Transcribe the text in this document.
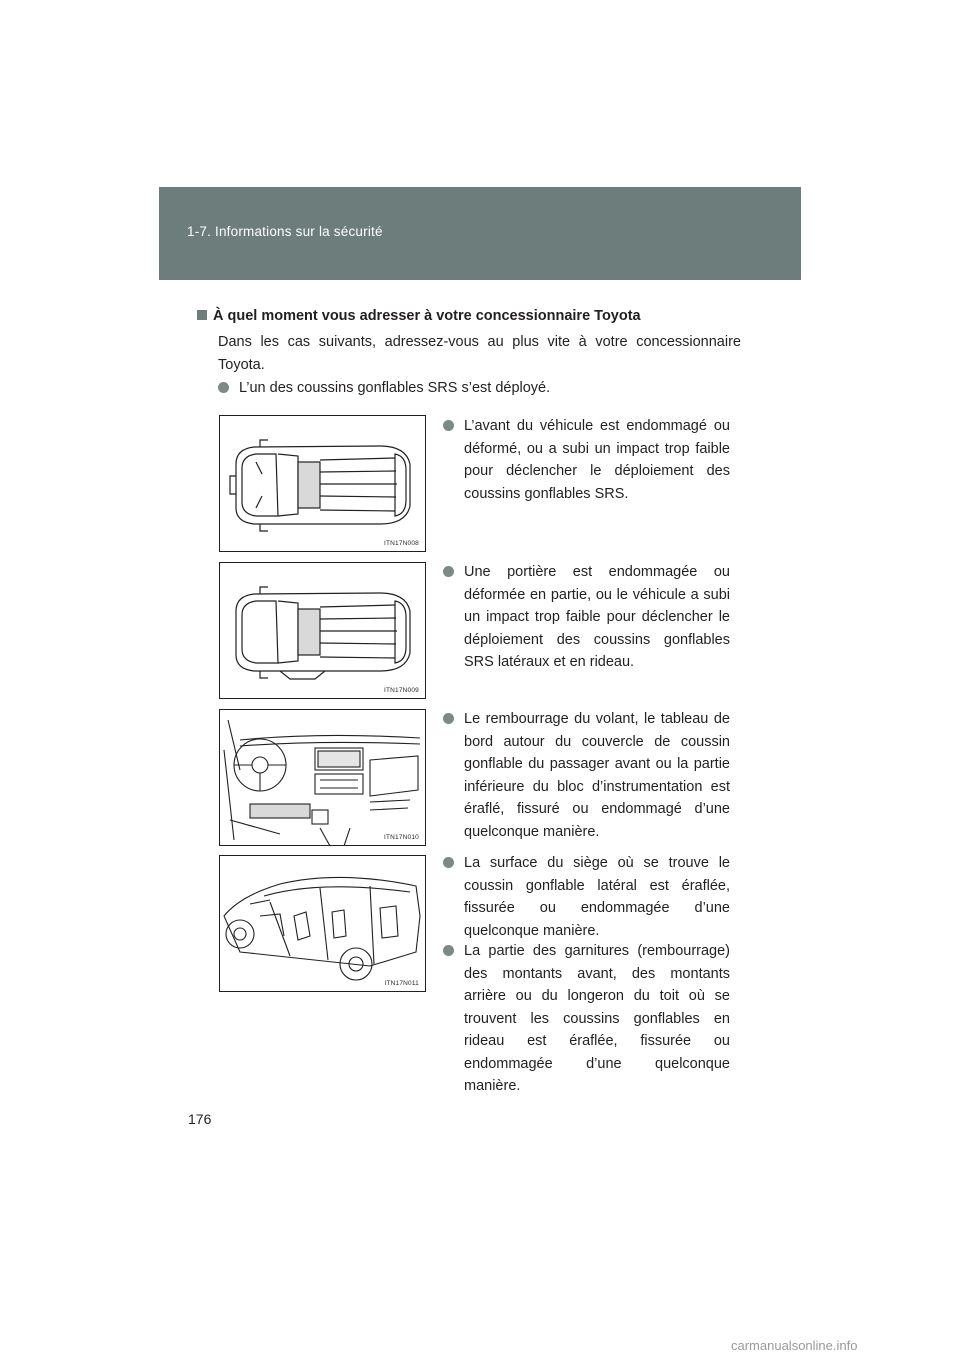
1-7. Informations sur la sécurité
À quel moment vous adresser à votre concessionnaire Toyota
Dans les cas suivants, adressez-vous au plus vite à votre concessionnaire Toyota.
L’un des coussins gonflables SRS s’est déployé.
ITN17N008
L’avant du véhicule est endommagé ou déformé, ou a subi un impact trop faible pour déclencher le déploiement des coussins gonflables SRS.
ITN17N009
Une portière est endommagée ou déformée en partie, ou le véhicule a subi un impact trop faible pour déclencher le déploiement des coussins gonflables SRS latéraux et en rideau.
ITN17N010
Le rembourrage du volant, le tableau de bord autour du couvercle de coussin gonflable du passager avant ou la partie inférieure du bloc d’instrumentation est éraflé, fissuré ou endommagé d’une quelconque manière.
ITN17N011
La surface du siège où se trouve le coussin gonflable latéral est éraflée, fissurée ou endommagée d’une quelconque manière.
La partie des garnitures (rembourrage) des montants avant, des montants arrière ou du longeron du toit où se trouvent les coussins gonflables en rideau est éraflée, fissurée ou endommagée d’une quelconque manière.
176
carmanualsonline.info
